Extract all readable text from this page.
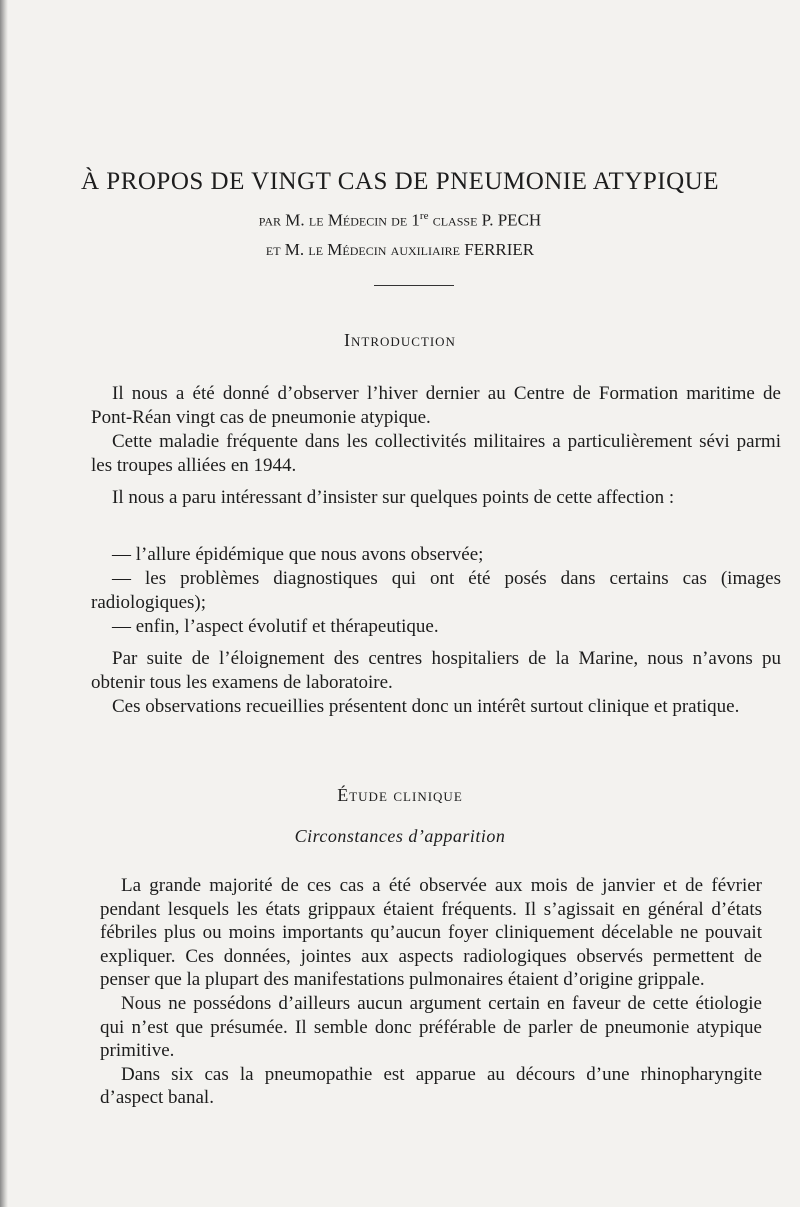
À PROPOS DE VINGT CAS DE PNEUMONIE ATYPIQUE
par M. le Médecin de 1re classe P. PECH
et M. le Médecin auxiliaire FERRIER
Introduction

Il nous a été donné d’observer l’hiver dernier au Centre de Formation maritime de Pont-Réan vingt cas de pneumonie atypique.

Cette maladie fréquente dans les collectivités militaires a particulièrement sévi parmi les troupes alliées en 1944.

Il nous a paru intéressant d’insister sur quelques points de cette affection :

— l’allure épidémique que nous avons observée;

— les problèmes diagnostiques qui ont été posés dans certains cas (images radiologiques);

— enfin, l’aspect évolutif et thérapeutique.

Par suite de l’éloignement des centres hospitaliers de la Marine, nous n’avons pu obtenir tous les examens de laboratoire.

Ces observations recueillies présentent donc un intérêt surtout clinique et pratique.

Étude clinique
Circonstances d’apparition

La grande majorité de ces cas a été observée aux mois de janvier et de février pendant lesquels les états grippaux étaient fréquents. Il s’agissait en général d’états fébriles plus ou moins importants qu’aucun foyer cliniquement décelable ne pouvait expliquer. Ces données, jointes aux aspects radiologiques observés permettent de penser que la plupart des manifestations pulmonaires étaient d’origine grippale.

Nous ne possédons d’ailleurs aucun argument certain en faveur de cette étiologie qui n’est que présumée. Il semble donc préférable de parler de pneumonie atypique primitive.

Dans six cas la pneumopathie est apparue au décours d’une rhinopharyngite d’aspect banal.
